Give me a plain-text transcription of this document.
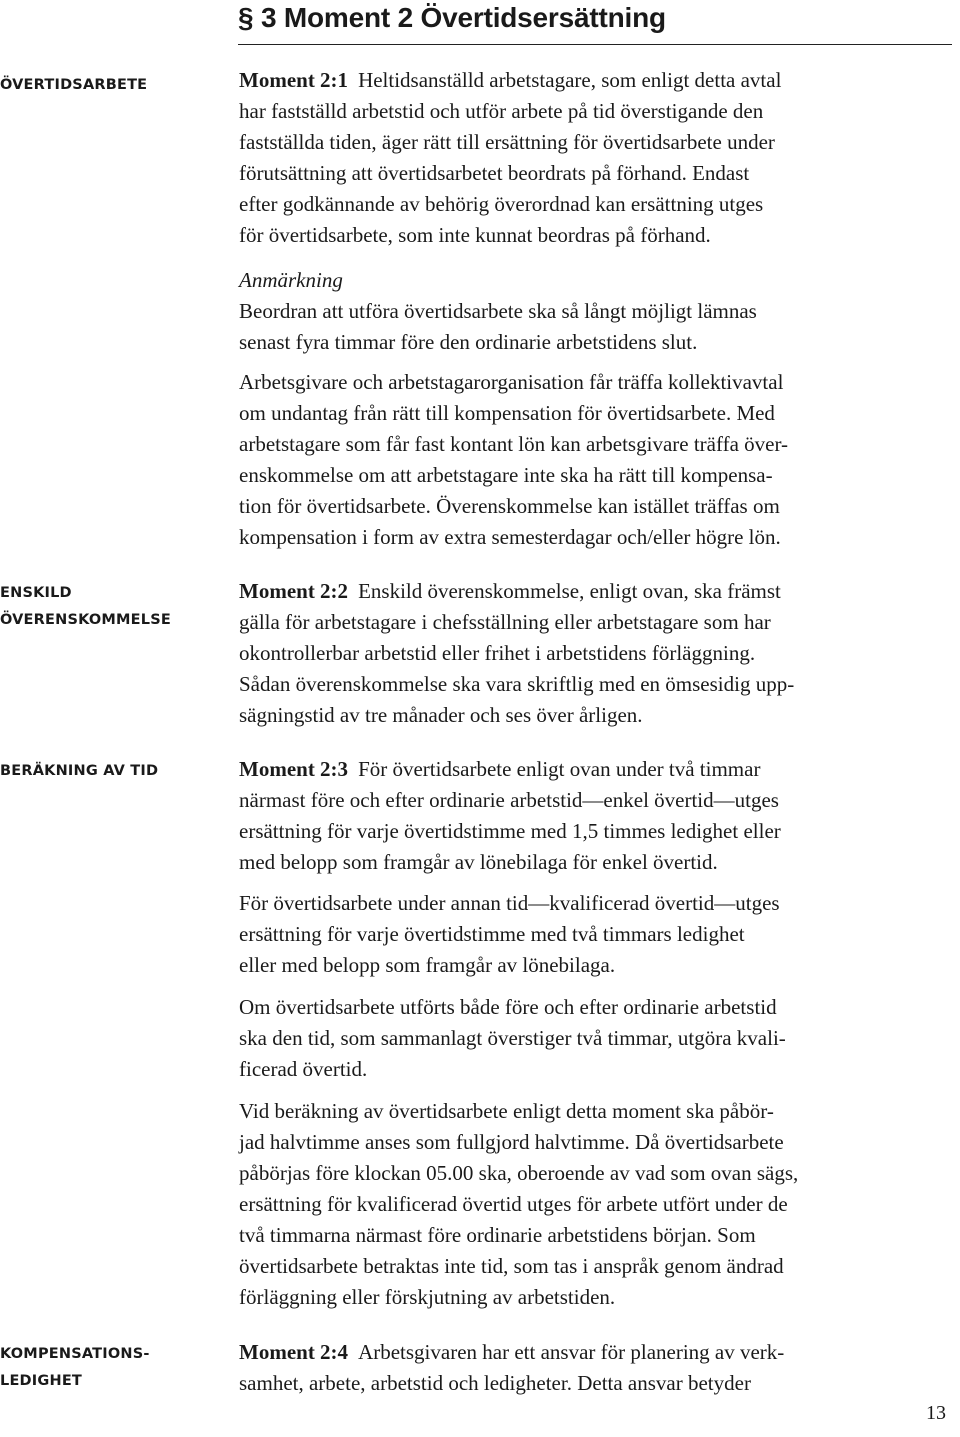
§ 3 Moment 2 Övertidsersättning
ÖVERTIDSARBETE
ENSKILD
ÖVERENSKOMMELSE
BERÄKNING AV TID
KOMPENSATIONS-
LEDIGHET

Moment 2:1 Heltidsanställd arbetstagare, som enligt detta avtal
har fastställd arbetstid och utför arbete på tid överstigande den
fastställda tiden, äger rätt till ersättning för övertidsarbete under
förutsättning att övertidsarbetet beordrats på förhand. Endast
efter godkännande av behörig överordnad kan ersättning utges
för övertidsarbete, som inte kunnat beordras på förhand.

Anmärkning

Beordran att utföra övertidsarbete ska så långt möjligt lämnas
senast fyra timmar före den ordinarie arbetstidens slut.

Arbetsgivare och arbetstagarorganisation får träffa kollektivavtal
om undantag från rätt till kompensation för övertidsarbete. Med
arbetstagare som får fast kontant lön kan arbetsgivare träffa över-
enskommelse om att arbetstagare inte ska ha rätt till kompensa-
tion för övertidsarbete. Överenskommelse kan istället träffas om
kompensation i form av extra semesterdagar och/eller högre lön.

Moment 2:2 Enskild överenskommelse, enligt ovan, ska främst
gälla för arbetstagare i chefsställning eller arbetstagare som har
okontrollerbar arbetstid eller frihet i arbetstidens förläggning.
Sådan överenskommelse ska vara skriftlig med en ömsesidig upp-
sägningstid av tre månader och ses över årligen.

Moment 2:3 För övertidsarbete enligt ovan under två timmar
närmast före och efter ordinarie arbetstid—enkel övertid—utges
ersättning för varje övertidstimme med 1,5 timmes ledighet eller
med belopp som framgår av lönebilaga för enkel övertid.

För övertidsarbete under annan tid—kvalificerad övertid—utges
ersättning för varje övertidstimme med två timmars ledighet
eller med belopp som framgår av lönebilaga.

Om övertidsarbete utförts både före och efter ordinarie arbetstid
ska den tid, som sammanlagt överstiger två timmar, utgöra kvali-
ficerad övertid.

Vid beräkning av övertidsarbete enligt detta moment ska påbör-
jad halvtimme anses som fullgjord halvtimme. Då övertidsarbete
påbörjas före klockan 05.00 ska, oberoende av vad som ovan sägs,
ersättning för kvalificerad övertid utges för arbete utfört under de
två timmarna närmast före ordinarie arbetstidens början. Som
övertidsarbete betraktas inte tid, som tas i anspråk genom ändrad
förläggning eller förskjutning av arbetstiden.

Moment 2:4 Arbetsgivaren har ett ansvar för planering av verk-
samhet, arbete, arbetstid och ledigheter. Detta ansvar betyder

13
